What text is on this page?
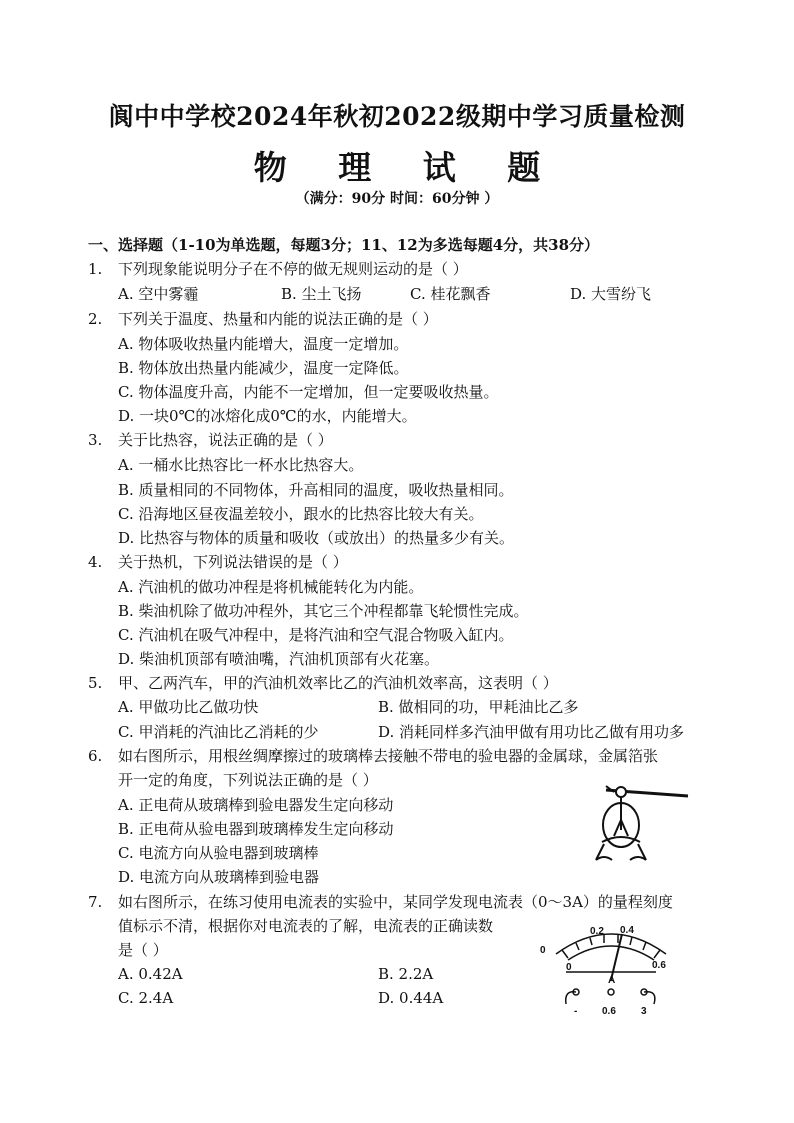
阆中中学校2024年秋初2022级期中学习质量检测
物 理 试 题
（满分：90分 时间：60分钟 ）
一、选择题（1-10为单选题，每题3分；11、12为多选每题4分，共38分）
1. 下列现象能说明分子在不停的做无规则运动的是（ ）
A. 空中雾霾	B. 尘土飞扬	C. 桂花飘香	D. 大雪纷飞
2. 下列关于温度、热量和内能的说法正确的是（ ）
A. 物体吸收热量内能增大，温度一定增加。
B. 物体放出热量内能减少，温度一定降低。
C. 物体温度升高，内能不一定增加，但一定要吸收热量。
D. 一块0℃的冰熔化成0℃的水，内能增大。
3. 关于比热容，说法正确的是（ ）
A. 一桶水比热容比一杯水比热容大。
B. 质量相同的不同物体，升高相同的温度，吸收热量相同。
C. 沿海地区昼夜温差较小，跟水的比热容比较大有关。
D. 比热容与物体的质量和吸收（或放出）的热量多少有关。
4. 关于热机，下列说法错误的是（ ）
A. 汽油机的做功冲程是将机械能转化为内能。
B. 柴油机除了做功冲程外，其它三个冲程都靠飞轮惯性完成。
C. 汽油机在吸气冲程中，是将汽油和空气混合物吸入缸内。
D. 柴油机顶部有喷油嘴，汽油机顶部有火花塞。
5. 甲、乙两汽车，甲的汽油机效率比乙的汽油机效率高，这表明（ ）
A. 甲做功比乙做功快	B. 做相同的功，甲耗油比乙多
C. 甲消耗的汽油比乙消耗的少	D. 消耗同样多汽油甲做有用功比乙做有用功多
6. 如右图所示，用根丝绸摩擦过的玻璃棒去接触不带电的验电器的金属球，金属箔张
开一定的角度，下列说法正确的是（ ）
A. 正电荷从玻璃棒到验电器发生定向移动
B. 正电荷从验电器到玻璃棒发生定向移动
C. 电流方向从验电器到玻璃棒
D. 电流方向从玻璃棒到验电器
7. 如右图所示，在练习使用电流表的实验中，某同学发现电流表（0～3A）的量程刻度
值标示不清，根据你对电流表的了解，电流表的正确读数
是（ ）
A. 0.42A	B. 2.2A
C. 2.4A	D. 0.44A
0
0.2 0.4
0.6
0
A
- 0.6	3
